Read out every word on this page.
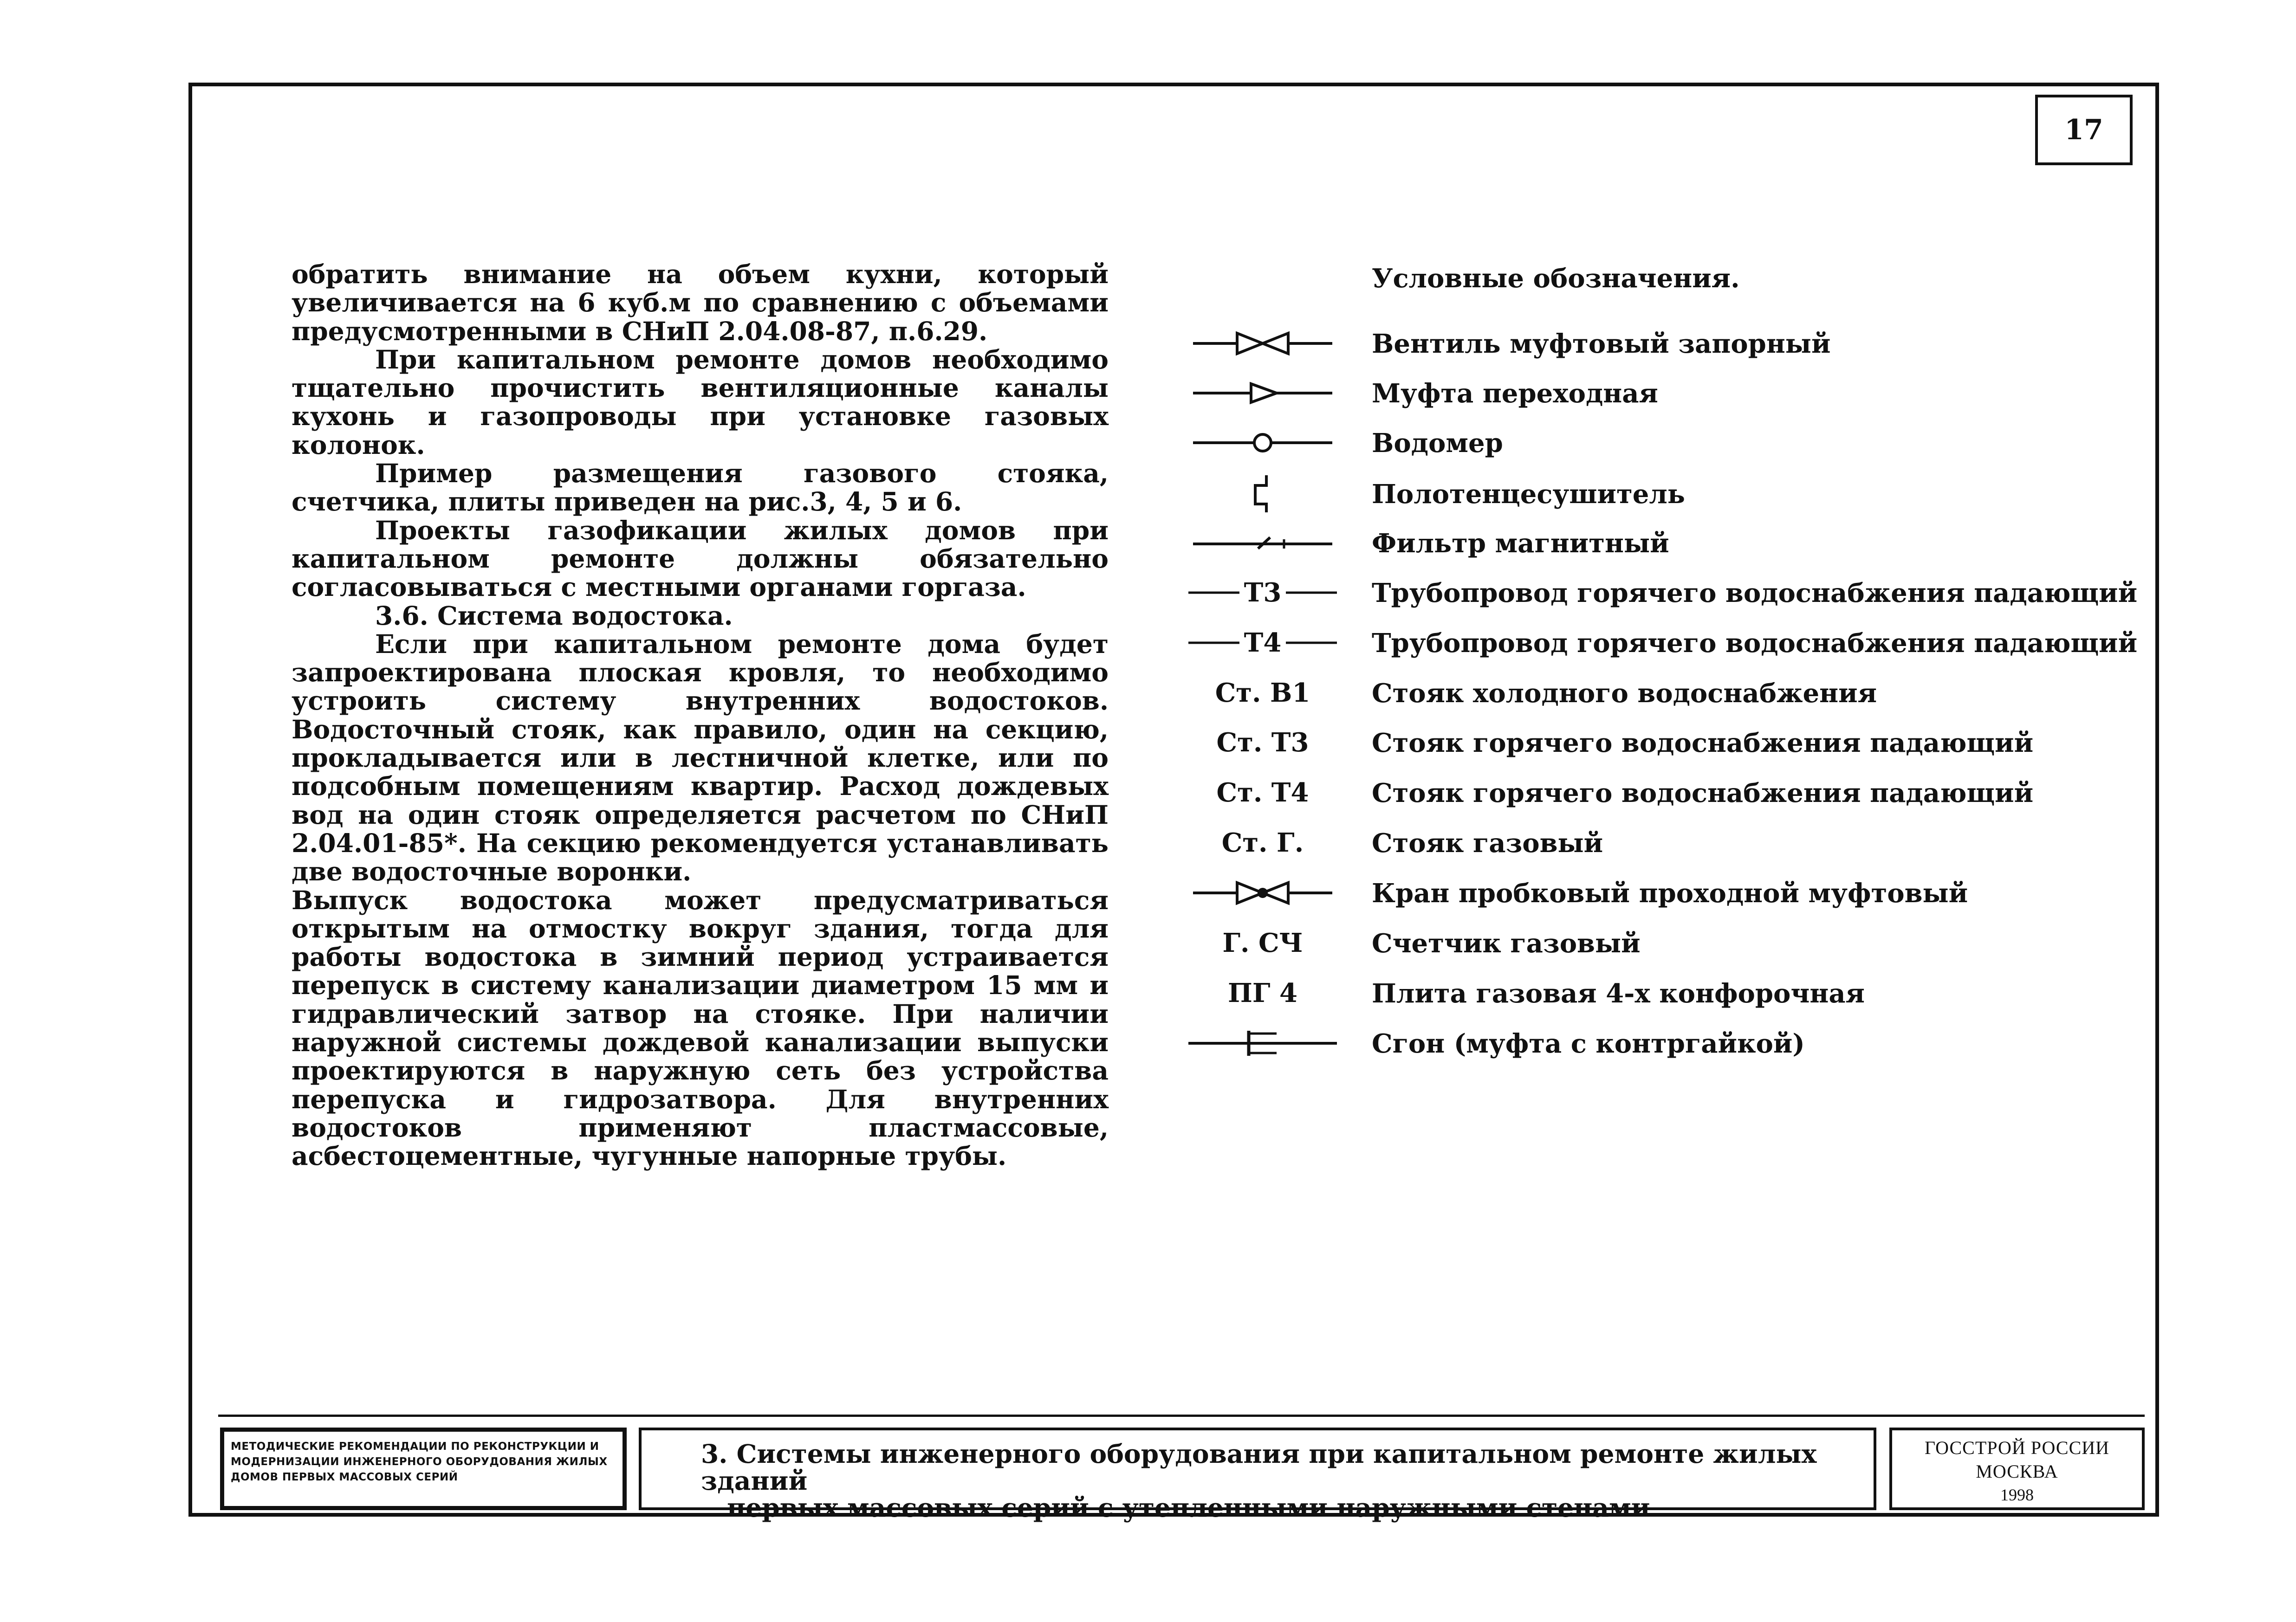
17

обратить внимание на объем кухни, который увеличивается на 6 куб.м по сравнению с объемами предусмотренными в СНиП 2.04.08-87, п.6.29.

При капитальном ремонте домов необходимо тщательно прочистить вентиляционные каналы кухонь и газопроводы при установке газовых колонок.

Пример размещения газового стояка, счетчика, плиты приведен на рис.3, 4, 5 и 6.

Проекты газофикации жилых домов при капитальном ремонте должны обязательно согласовываться с местными органами горгаза.

3.6. Система водостока.

Если при капитальном ремонте дома будет запроектирована плоская кровля, то необходимо устроить систему внутренних водостоков. Водосточный стояк, как правило, один на секцию, прокладывается или в лестничной клетке, или по подсобным помещениям квартир. Расход дождевых вод на один стояк определяется расчетом по СНиП 2.04.01-85*. На секцию рекомендуется устанавливать две водосточные воронки.

Выпуск водостока может предусматриваться открытым на отмостку вокруг здания, тогда для работы водостока в зимний период устраивается перепуск в систему канализации диаметром 15 мм и гидравлический затвор на стояке. При наличии наружной системы дождевой канализации выпуски проектируются в наружную сеть без устройства перепуска и гидрозатвора. Для внутренних водостоков применяют пластмассовые, асбестоцементные, чугунные напорные трубы.

Условные обозначения.
Вентиль муфтовый запорный
Муфта переходная
Водомер
Полотенцесушитель
Фильтр магнитный
Т3	Трубопровод горячего водоснабжения падающий
Т4	Трубопровод горячего водоснабжения падающий
Ст. В1 Стояк холодного водоснабжения
Ст. Т3 Стояк горячего водоснабжения падающий
Ст. Т4 Стояк горячего водоснабжения падающий
Ст. Г.	Стояк газовый
Кран пробковый проходной муфтовый
Г. СЧ	Счетчик газовый
ПГ 4	Плита газовая 4-х конфорочная
Сгон (муфта с контргайкой)
МЕТОДИЧЕСКИЕ РЕКОМЕНДАЦИИ ПО РЕКОНСТРУКЦИИ И МОДЕРНИЗАЦИИ ИНЖЕНЕРНОГО ОБОРУДОВАНИЯ ЖИЛЫХ ДОМОВ ПЕРВЫХ МАССОВЫХ СЕРИЙ
3. Системы инженерного оборудования при капитальном ремонте жилых зданий
первых массовых серий с утепленными наружными стенами
ГОССТРОЙ РОССИИ
МОСКВА
1998
